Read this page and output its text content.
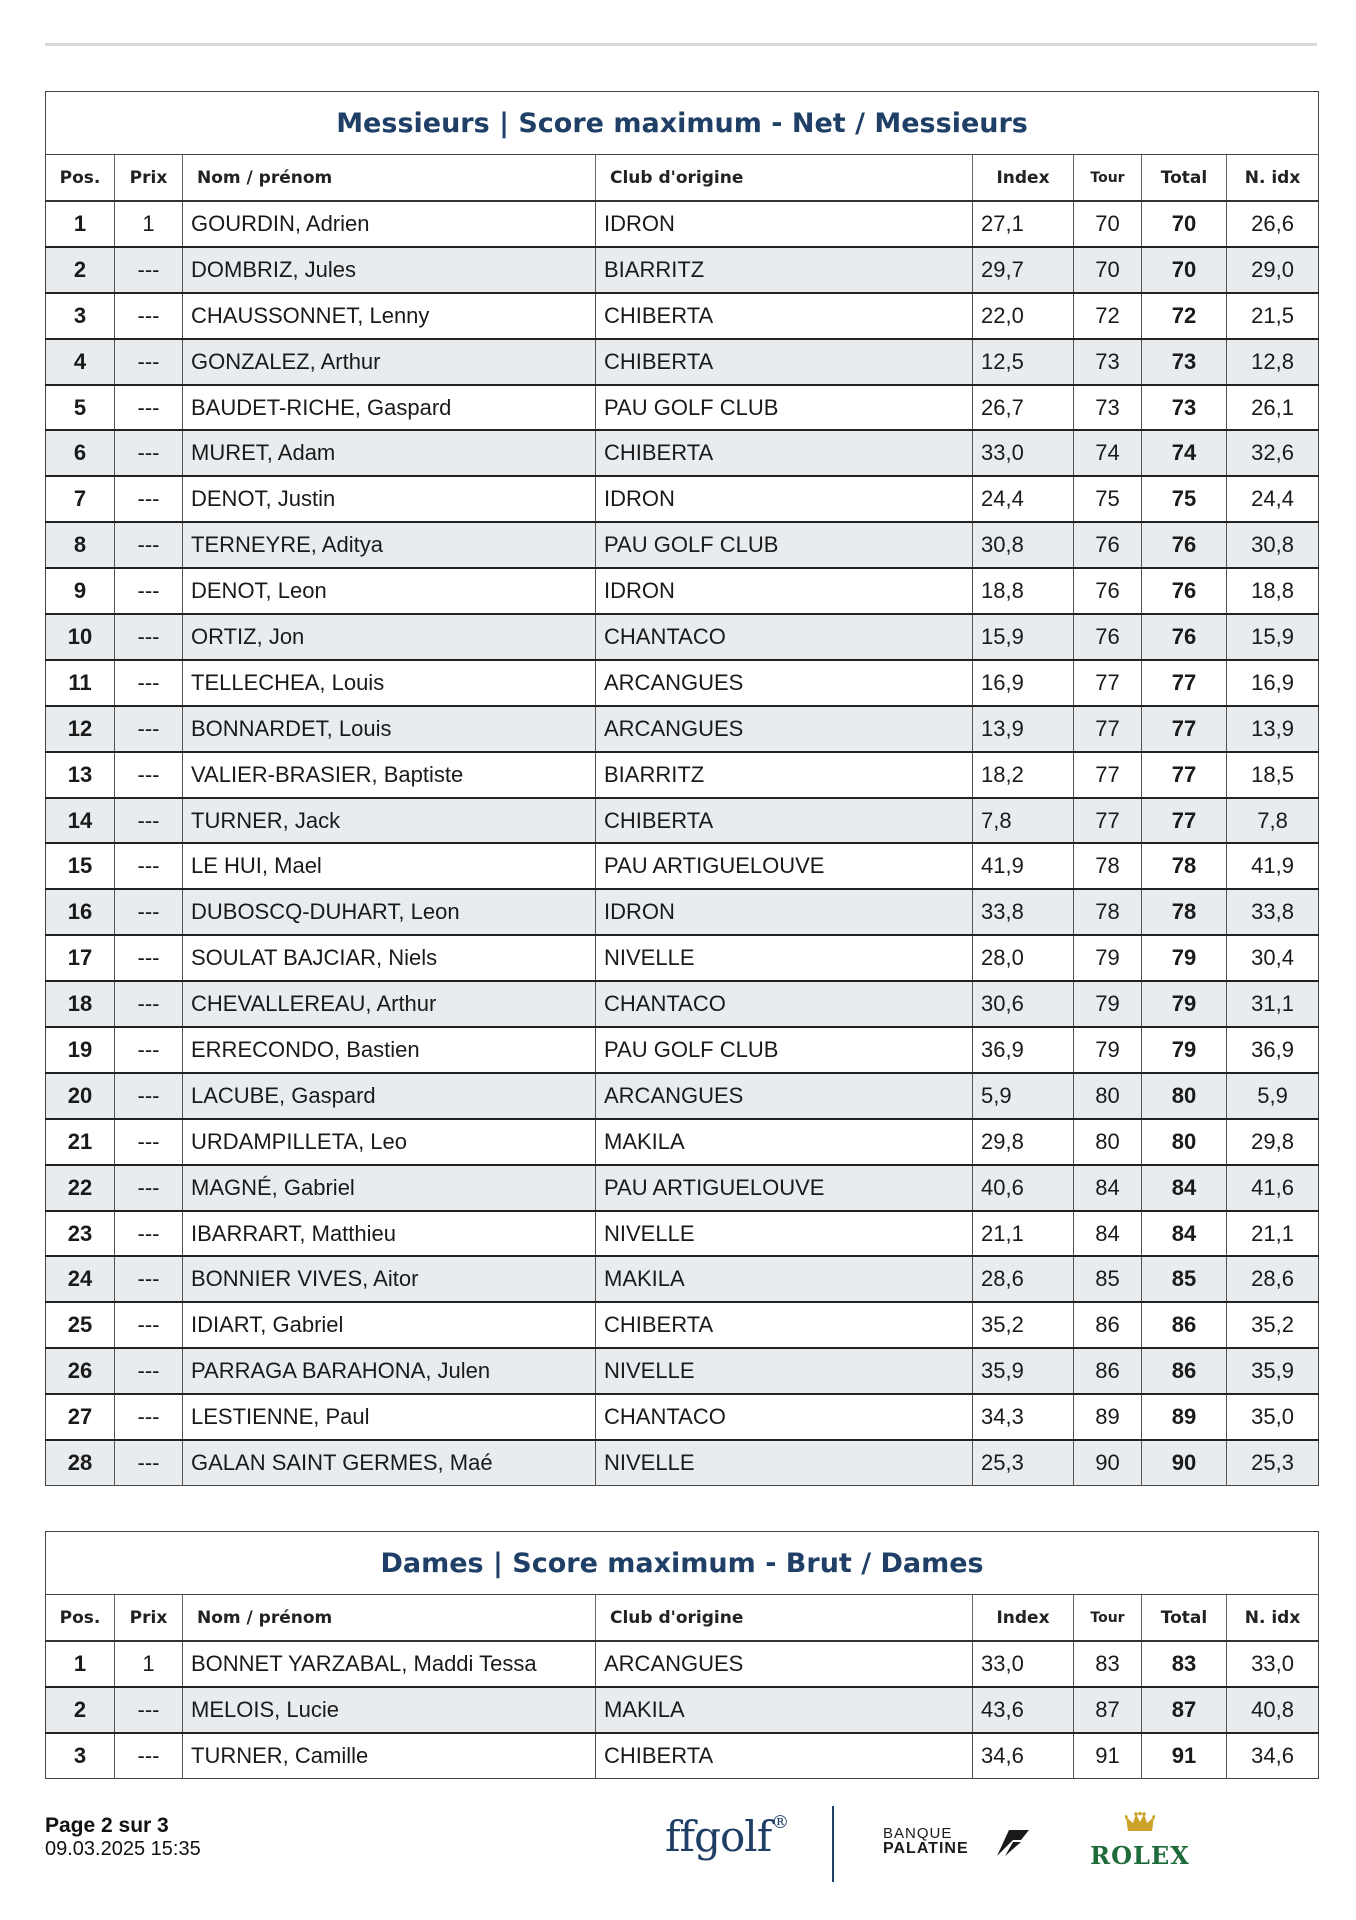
Messieurs | Score maximum - Net / Messieurs							
Pos.	Prix	Nom / prénom	Club d'origine	Index	Tour	Total	N. idx
1	1	GOURDIN, Adrien	IDRON	27,1	70	70	26,6
2	---	DOMBRIZ, Jules	BIARRITZ	29,7	70	70	29,0
3	---	CHAUSSONNET, Lenny	CHIBERTA	22,0	72	72	21,5
4	---	GONZALEZ, Arthur	CHIBERTA	12,5	73	73	12,8
5	---	BAUDET-RICHE, Gaspard	PAU GOLF CLUB	26,7	73	73	26,1
6	---	MURET, Adam	CHIBERTA	33,0	74	74	32,6
7	---	DENOT, Justin	IDRON	24,4	75	75	24,4
8	---	TERNEYRE, Aditya	PAU GOLF CLUB	30,8	76	76	30,8
9	---	DENOT, Leon	IDRON	18,8	76	76	18,8
10	---	ORTIZ, Jon	CHANTACO	15,9	76	76	15,9
11	---	TELLECHEA, Louis	ARCANGUES	16,9	77	77	16,9
12	---	BONNARDET, Louis	ARCANGUES	13,9	77	77	13,9
13	---	VALIER-BRASIER, Baptiste	BIARRITZ	18,2	77	77	18,5
14	---	TURNER, Jack	CHIBERTA	7,8	77	77	7,8
15	---	LE HUI, Mael	PAU ARTIGUELOUVE	41,9	78	78	41,9
16	---	DUBOSCQ-DUHART, Leon	IDRON	33,8	78	78	33,8
17	---	SOULAT BAJCIAR, Niels	NIVELLE	28,0	79	79	30,4
18	---	CHEVALLEREAU, Arthur	CHANTACO	30,6	79	79	31,1
19	---	ERRECONDO, Bastien	PAU GOLF CLUB	36,9	79	79	36,9
20	---	LACUBE, Gaspard	ARCANGUES	5,9	80	80	5,9
21	---	URDAMPILLETA, Leo	MAKILA	29,8	80	80	29,8
22	---	MAGNÉ, Gabriel	PAU ARTIGUELOUVE	40,6	84	84	41,6
23	---	IBARRART, Matthieu	NIVELLE	21,1	84	84	21,1
24	---	BONNIER VIVES, Aitor	MAKILA	28,6	85	85	28,6
25	---	IDIART, Gabriel	CHIBERTA	35,2	86	86	35,2
26	---	PARRAGA BARAHONA, Julen	NIVELLE	35,9	86	86	35,9
27	---	LESTIENNE, Paul	CHANTACO	34,3	89	89	35,0
28	---	GALAN SAINT GERMES, Maé	NIVELLE	25,3	90	90	25,3
Dames | Score maximum - Brut / Dames							
Pos.	Prix	Nom / prénom	Club d'origine	Index	Tour	Total	N. idx
1	1	BONNET YARZABAL, Maddi Tessa	ARCANGUES	33,0	83	83	33,0
2	---	MELOIS, Lucie	MAKILA	43,6	87	87	40,8
3	---	TURNER, Camille	CHIBERTA	34,6	91	91	34,6
Page 2 sur 3
09.03.2025 15:35	ffgolf®
BANQUE
PALATINE	ROLEX
